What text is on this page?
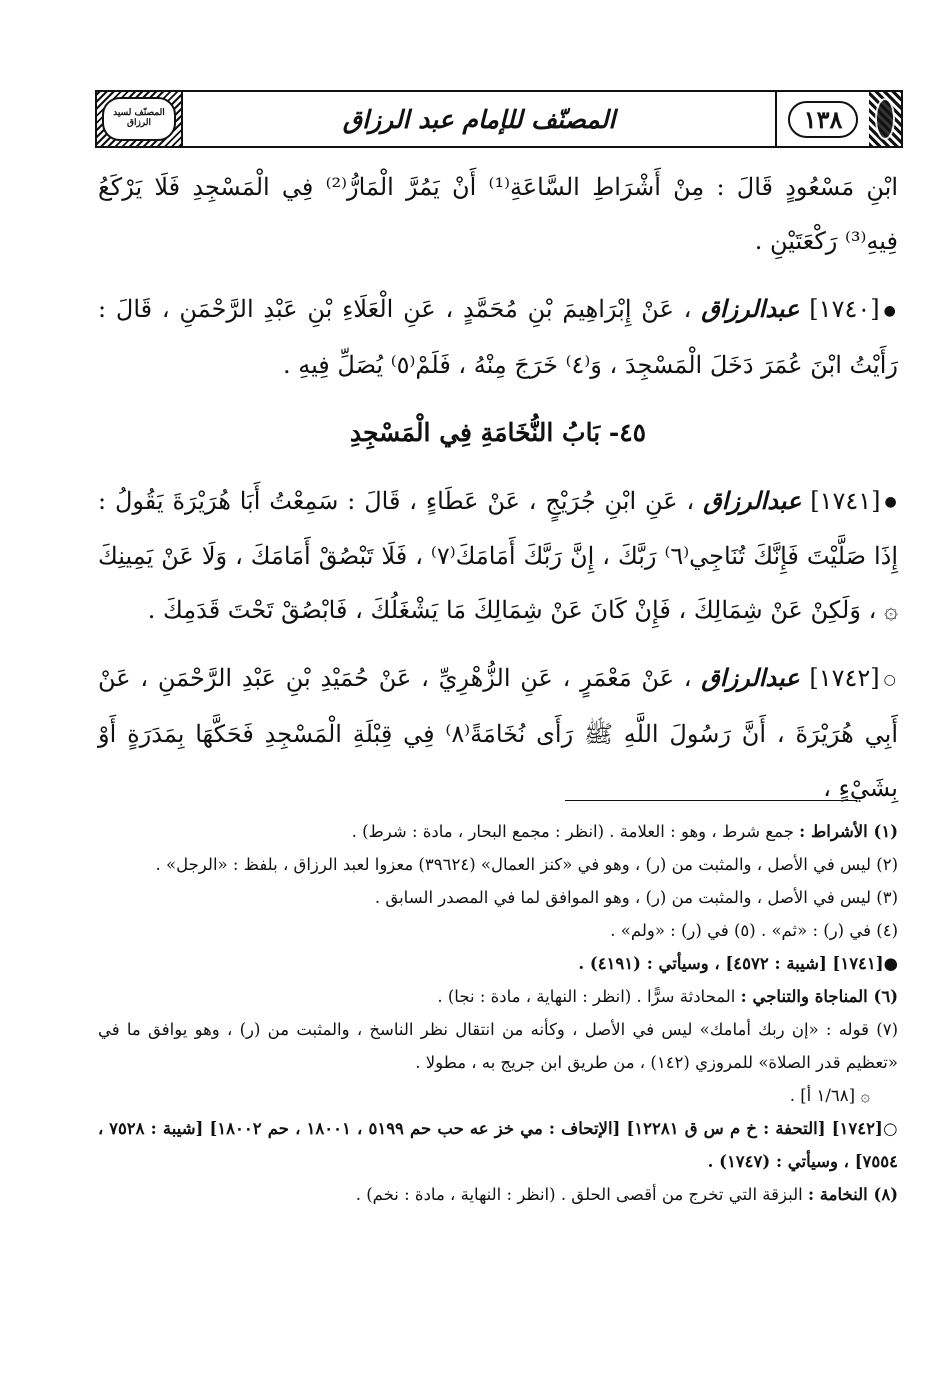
١٣٨
المصنّف للإمام عبد الرزاق
المصنّف لسيد الرزاق

ابْنِ مَسْعُودٍ قَالَ : مِنْ أَشْرَاطِ السَّاعَةِ⁽¹⁾ أَنْ يَمُرَّ الْمَارُّ⁽²⁾ فِي الْمَسْجِدِ فَلَا يَرْكَعُ فِيهِ⁽³⁾ رَكْعَتَيْنِ .

●[١٧٤٠] عبدالرزاق ، عَنْ إِبْرَاهِيمَ بْنِ مُحَمَّدٍ ، عَنِ الْعَلَاءِ بْنِ عَبْدِ الرَّحْمَنِ ، قَالَ : رَأَيْتُ ابْنَ عُمَرَ دَخَلَ الْمَسْجِدَ ، وَ⁽٤⁾ خَرَجَ مِنْهُ ، فَلَمْ⁽٥⁾ يُصَلِّ فِيهِ .

٤٥- بَابُ النُّخَامَةِ فِي الْمَسْجِدِ

●[١٧٤١] عبدالرزاق ، عَنِ ابْنِ جُرَيْجٍ ، عَنْ عَطَاءٍ ، قَالَ : سَمِعْتُ أَبَا هُرَيْرَةَ يَقُولُ : إِذَا صَلَّيْتَ فَإِنَّكَ تُنَاجِي⁽٦⁾ رَبَّكَ ، إِنَّ رَبَّكَ أَمَامَكَ⁽٧⁾ ، فَلَا تَبْصُقْ أَمَامَكَ ، وَلَا عَنْ يَمِينِكَ ۞ ، وَلَكِنْ عَنْ شِمَالِكَ ، فَإِنْ كَانَ عَنْ شِمَالِكَ مَا يَشْغَلُكَ ، فَابْصُقْ تَحْتَ قَدَمِكَ .

○[١٧٤٢] عبدالرزاق ، عَنْ مَعْمَرٍ ، عَنِ الزُّهْرِيِّ ، عَنْ حُمَيْدِ بْنِ عَبْدِ الرَّحْمَنِ ، عَنْ أَبِي هُرَيْرَةَ ، أَنَّ رَسُولَ اللَّهِ ﷺ رَأَى نُخَامَةً⁽٨⁾ فِي قِبْلَةِ الْمَسْجِدِ فَحَكَّهَا بِمَدَرَةٍ أَوْ بِشَيْءٍ ،

(١) الأشراط : جمع شرط ، وهو : العلامة . (انظر : مجمع البحار ، مادة : شرط) .

(٢) ليس في الأصل ، والمثبت من (ر) ، وهو في «كنز العمال» (٣٩٦٢٤) معزوا لعبد الرزاق ، بلفظ : «الرجل» .

(٣) ليس في الأصل ، والمثبت من (ر) ، وهو الموافق لما في المصدر السابق .

(٤) في (ر) : «ثم» . (٥) في (ر) : «ولم» .

●[١٧٤١] [شيبة : ٤٥٧٢] ، وسيأتي : (٤١٩١) .

(٦) المناجاة والتناجي : المحادثة سرًّا . (انظر : النهاية ، مادة : نجا) .

(٧) قوله : «إن ربك أمامك» ليس في الأصل ، وكأنه من انتقال نظر الناسخ ، والمثبت من (ر) ، وهو يوافق ما في «تعظيم قدر الصلاة» للمروزي (١٤٢) ، من طريق ابن جريج به ، مطولا .

۞ [١/٦٨ أ] .

○[١٧٤٢] [التحفة : خ م س ق ١٢٢٨١] [الإتحاف : مي خز عه حب حم ٥١٩٩ ، ١٨٠٠١ ، حم ١٨٠٠٢] [شيبة : ٧٥٢٨ ، ٧٥٥٤] ، وسيأتي : (١٧٤٧) .

(٨) النخامة : البزقة التي تخرج من أقصى الحلق . (انظر : النهاية ، مادة : نخم) .
